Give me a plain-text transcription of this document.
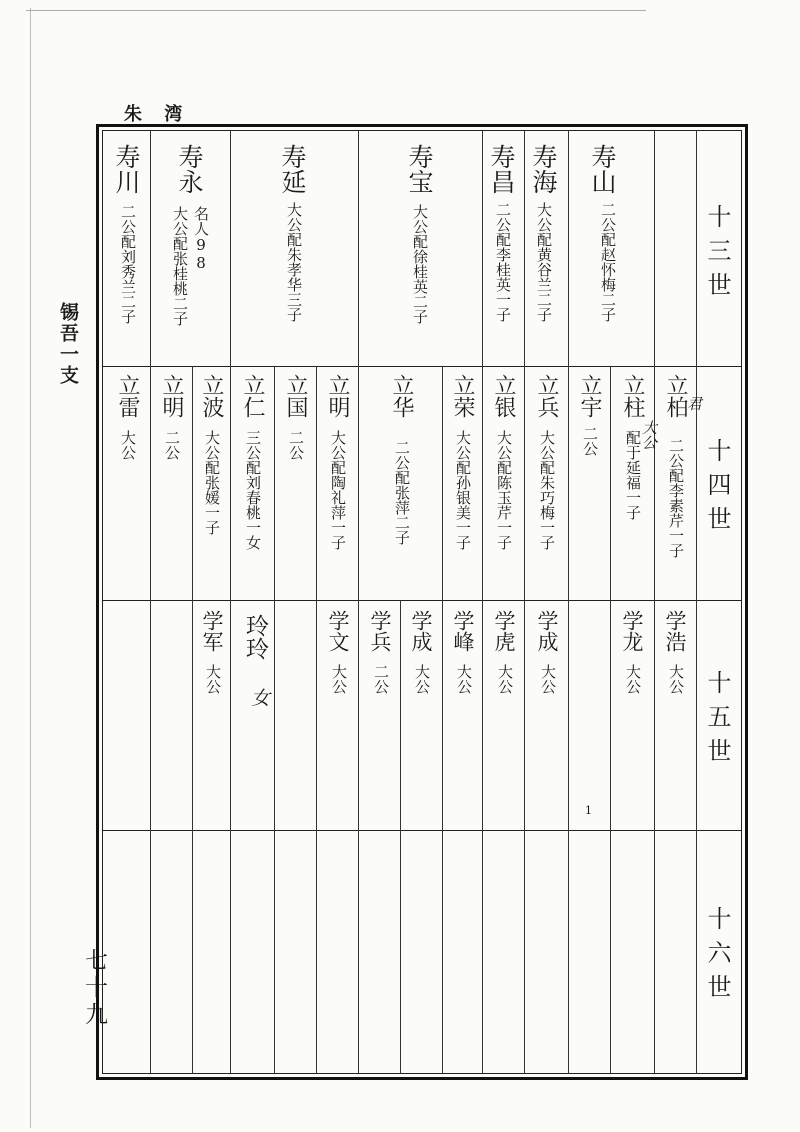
朱 湾
锡吾一支
七十九
十三世
十四世
十五世
十六世
寿山
二公配赵怀梅二子
寿海
大公配黄谷兰二子
寿昌
二公配李桂英一子
寿宝
大公配徐桂英二子
寿延
大公配朱孝华三子
寿永
名人98
大公配张桂桃二子
寿川
二公配刘秀兰二子
立柏
君
二公配李素芹一子
立柱
大公
配于延福一子
立宇
二公
立兵
大公配朱巧梅一子
立银
大公配陈玉芹一子
立荣
大公配孙银美一子
立华
二公配张萍二子
立明
大公配陶礼萍一子
立国
二公
立仁
三公配刘春桃一女
立波
大公配张媛一子
立明
二公
立雷
大公
学浩
大公
学龙
大公
学成
大公
学虎
大公
学峰
大公
学成
大公
学兵
二公
学文
大公
玲玲
女
学军
大公
1
